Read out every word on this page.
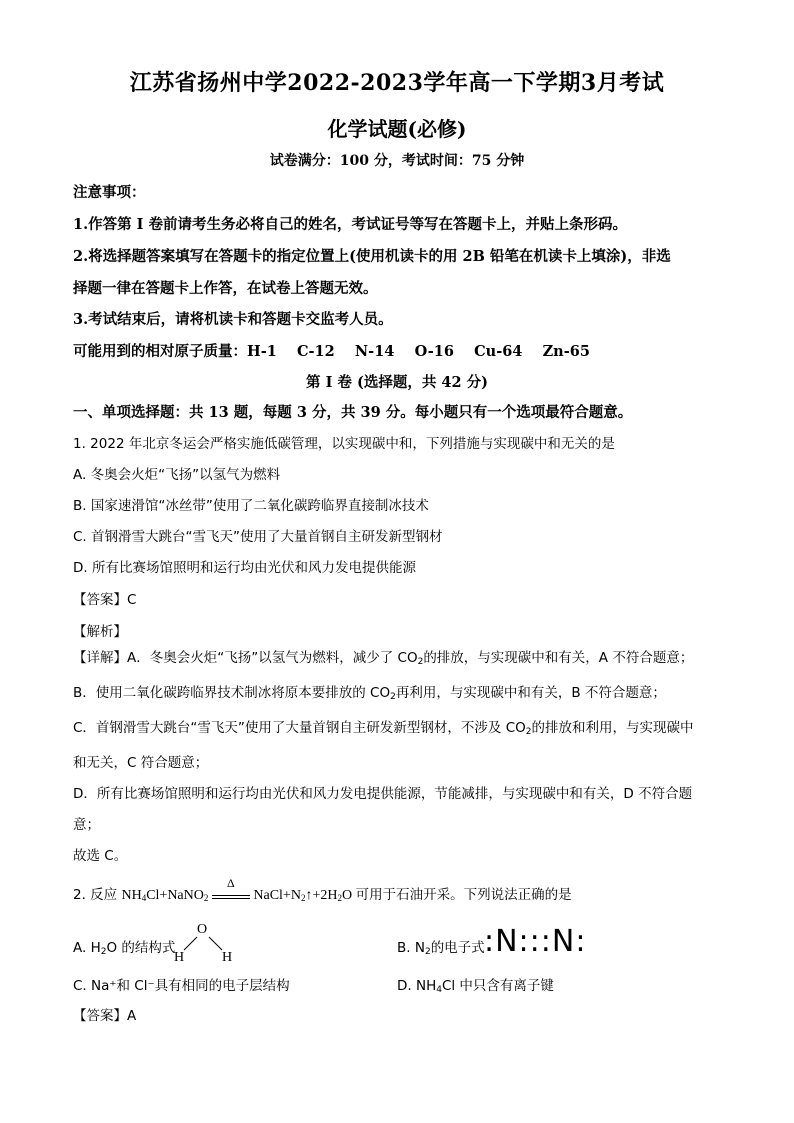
江苏省扬州中学2022-2023学年高一下学期3月考试
化学试题(必修)
试卷满分：100 分，考试时间：75 分钟
注意事项：
1.作答第 I 卷前请考生务必将自己的姓名，考试证号等写在答题卡上，并贴上条形码。
2.将选择题答案填写在答题卡的指定位置上(使用机读卡的用 2B 铅笔在机读卡上填涂)，非选
择题一律在答题卡上作答，在试卷上答题无效。
3.考试结束后，请将机读卡和答题卡交监考人员。
可能用到的相对原子质量：H-1    C-12    N-14    O-16    Cu-64    Zn-65
第 I 卷 (选择题，共 42 分)
一、单项选择题：共 13 题，每题 3 分，共 39 分。每小题只有一个选项最符合题意。
1. 2022 年北京冬运会严格实施低碳管理，以实现碳中和，下列措施与实现碳中和无关的是
A. 冬奥会火炬“飞扬”以氢气为燃料
B. 国家速滑馆“冰丝带”使用了二氧化碳跨临界直接制冰技术
C. 首钢滑雪大跳台“雪飞天”使用了大量首钢自主研发新型钢材
D. 所有比赛场馆照明和运行均由光伏和风力发电提供能源
【答案】C
【解析】
【详解】A．冬奥会火炬“飞扬”以氢气为燃料，减少了 $CO_2$的排放，与实现碳中和有关，A 不符合题意；
B．使用二氧化碳跨临界技术制冰将原本要排放的 $CO_2$再利用，与实现碳中和有关，B 不符合题意；
C．首钢滑雪大跳台“雪飞天”使用了大量首钢自主研发新型钢材，不涉及 $CO_2$的排放和利用，与实现碳中
和无关，C 符合题意；
D．所有比赛场馆照明和运行均由光伏和风力发电提供能源，节能减排，与实现碳中和有关，D 不符合题
意；
故选 C。
2. 反应 $NH_4Cl+NaNO_2$
Δ
$NaCl+N_2↑+2H_2O$ 可用于石油开采。下列说法正确的是
A. $H_2O$ 的结构式
O
H	H
B. $N_2$的电子式 :N:::N:
C. Na⁺和 Cl⁻具有相同的电子层结构	D. $NH_4Cl$ 中只含有离子键
【答案】A
